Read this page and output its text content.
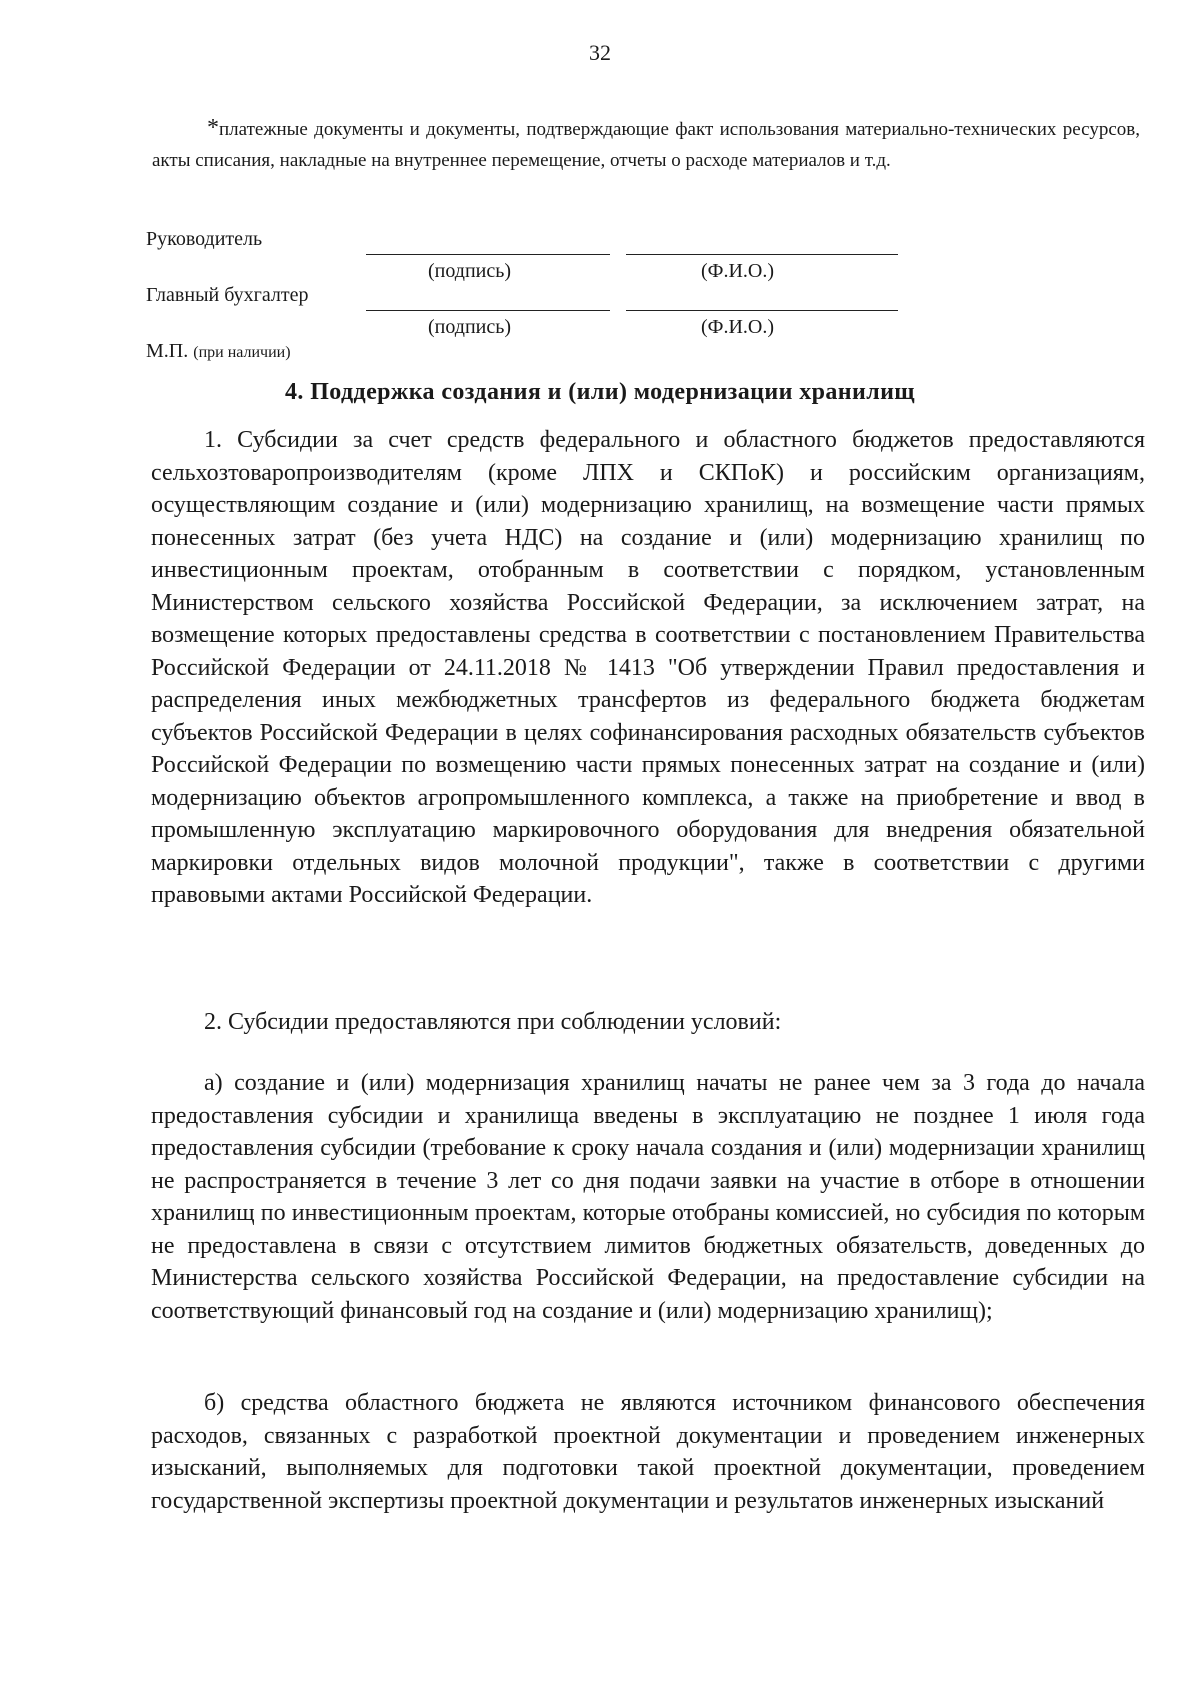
32
*платежные документы и документы, подтверждающие факт использования материально-технических ресурсов, акты списания, накладные на внутреннее перемещение, отчеты о расходе материалов и т.д.
Руководитель
(подпись)	(Ф.И.О.)
Главный бухгалтер
(подпись)	(Ф.И.О.)
М.П. (при наличии)
4. Поддержка создания и (или) модернизации хранилищ

1. Субсидии за счет средств федерального и областного бюджетов предоставляются сельхозтоваропроизводителям (кроме ЛПХ и СКПоК) и российским организациям, осуществляющим создание и (или) модернизацию хранилищ, на возмещение части прямых понесенных затрат (без учета НДС) на создание и (или) модернизацию хранилищ по инвестиционным проектам, отобранным в соответствии с порядком, установленным Министерством сельского хозяйства Российской Федерации, за исключением затрат, на возмещение которых предоставлены средства в соответствии с постановлением Правительства Российской Федерации от 24.11.2018 № 1413 "Об утверждении Правил предоставления и распределения иных межбюджетных трансфертов из федерального бюджета бюджетам субъектов Российской Федерации в целях софинансирования расходных обязательств субъектов Российской Федерации по возмещению части прямых понесенных затрат на создание и (или) модернизацию объектов агропромышленного комплекса, а также на приобретение и ввод в промышленную эксплуатацию маркировочного оборудования для внедрения обязательной маркировки отдельных видов молочной продукции", также в соответствии с другими правовыми актами Российской Федерации.

2. Субсидии предоставляются при соблюдении условий:

а) создание и (или) модернизация хранилищ начаты не ранее чем за 3 года до начала предоставления субсидии и хранилища введены в эксплуатацию не позднее 1 июля года предоставления субсидии (требование к сроку начала создания и (или) модернизации хранилищ не распространяется в течение 3 лет со дня подачи заявки на участие в отборе в отношении хранилищ по инвестиционным проектам, которые отобраны комиссией, но субсидия по которым не предоставлена в связи с отсутствием лимитов бюджетных обязательств, доведенных до Министерства сельского хозяйства Российской Федерации, на предоставление субсидии на соответствующий финансовый год на создание и (или) модернизацию хранилищ);

б) средства областного бюджета не являются источником финансового обеспечения расходов, связанных с разработкой проектной документации и проведением инженерных изысканий, выполняемых для подготовки такой проектной документации, проведением государственной экспертизы проектной документации и результатов инженерных изысканий
